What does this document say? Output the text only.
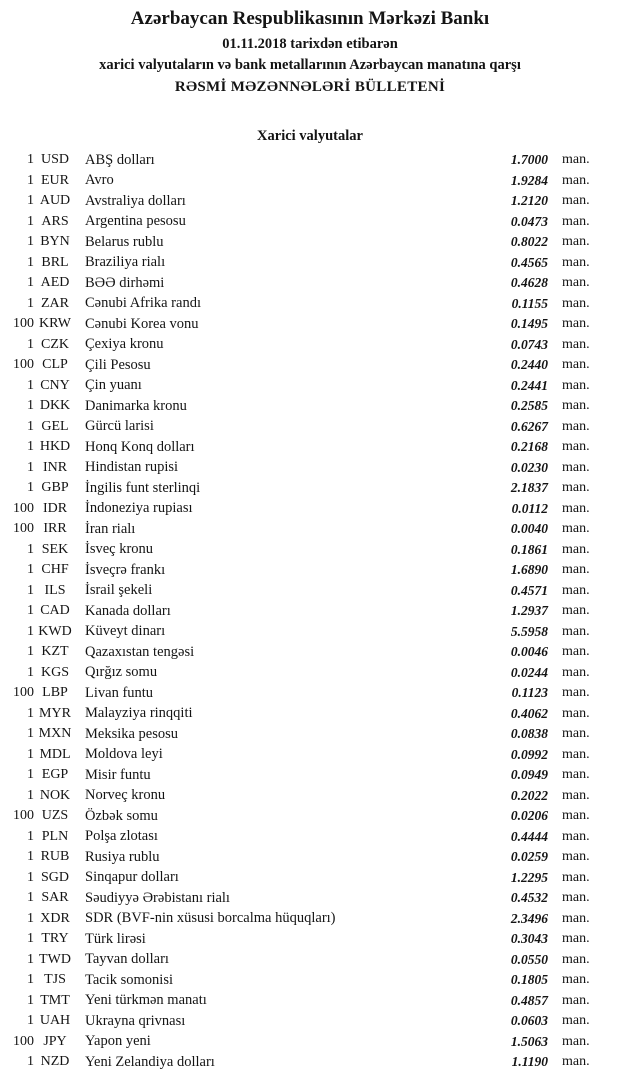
Azərbaycan Respublikasının Mərkəzi Bankı
01.11.2018 tarixdən etibarən
xarici valyutaların və bank metallarının Azərbaycan manatına qarşı
RƏSMİ MƏZƏNNƏLƏRİ BÜLLETENİ
Xarici valyutalar
1 USD	ABŞ dolları	1.7000	man.
1 EUR	Avro	1.9284	man.
1 AUD	Avstraliya dolları	1.2120	man.
1 ARS	Argentina pesosu	0.0473	man.
1 BYN	Belarus rublu	0.8022	man.
1 BRL	Braziliya rialı	0.4565	man.
1 AED	BƏƏ dirhəmi	0.4628	man.
1 ZAR	Cənubi Afrika randı	0.1155	man.
100 KRW Cənubi Korea vonu	0.1495	man.
1 CZK	Çexiya kronu	0.0743	man.
100 CLP	Çili Pesosu	0.2440	man.
1 CNY	Çin yuanı	0.2441	man.
1 DKK	Danimarka kronu	0.2585	man.
1 GEL	Gürcü larisi	0.6267	man.
1 HKD	Honq Konq dolları	0.2168	man.
1 INR	Hindistan rupisi	0.0230	man.
1 GBP	İngilis funt sterlinqi	2.1837	man.
100 IDR	İndoneziya rupiası	0.0112	man.
100 IRR	İran rialı	0.0040	man.
1 SEK	İsveç kronu	0.1861	man.
1 CHF	İsveçrə frankı	1.6890	man.
1 ILS	İsrail şekeli	0.4571	man.
1 CAD	Kanada dolları	1.2937	man.
1 KWD Küveyt dinarı	5.5958	man.
1 KZT	Qazaxıstan tengəsi	0.0046	man.
1 KGS	Qırğız somu	0.0244	man.
100 LBP	Livan funtu	0.1123	man.
1 MYR Malayziya rinqqiti	0.4062	man.
1 MXN Meksika pesosu	0.0838	man.
1 MDL Moldova leyi	0.0992	man.
1 EGP	Misir funtu	0.0949	man.
1 NOK	Norveç kronu	0.2022	man.
100 UZS	Özbək somu	0.0206	man.
1 PLN	Polşa zlotası	0.4444	man.
1 RUB	Rusiya rublu	0.0259	man.
1 SGD	Sinqapur dolları	1.2295	man.
1 SAR	Səudiyyə Ərəbistanı rialı	0.4532	man.
1 XDR	SDR (BVF-nin xüsusi borcalma hüquqları)	2.3496	man.
1 TRY	Türk lirəsi	0.3043	man.
1 TWD Tayvan dolları	0.0550	man.
1 TJS	Tacik somonisi	0.1805	man.
1 TMT	Yeni türkmən manatı	0.4857	man.
1 UAH	Ukrayna qrivnası	0.0603	man.
100 JPY	Yapon yeni	1.5063	man.
1 NZD	Yeni Zelandiya dolları	1.1190	man.
